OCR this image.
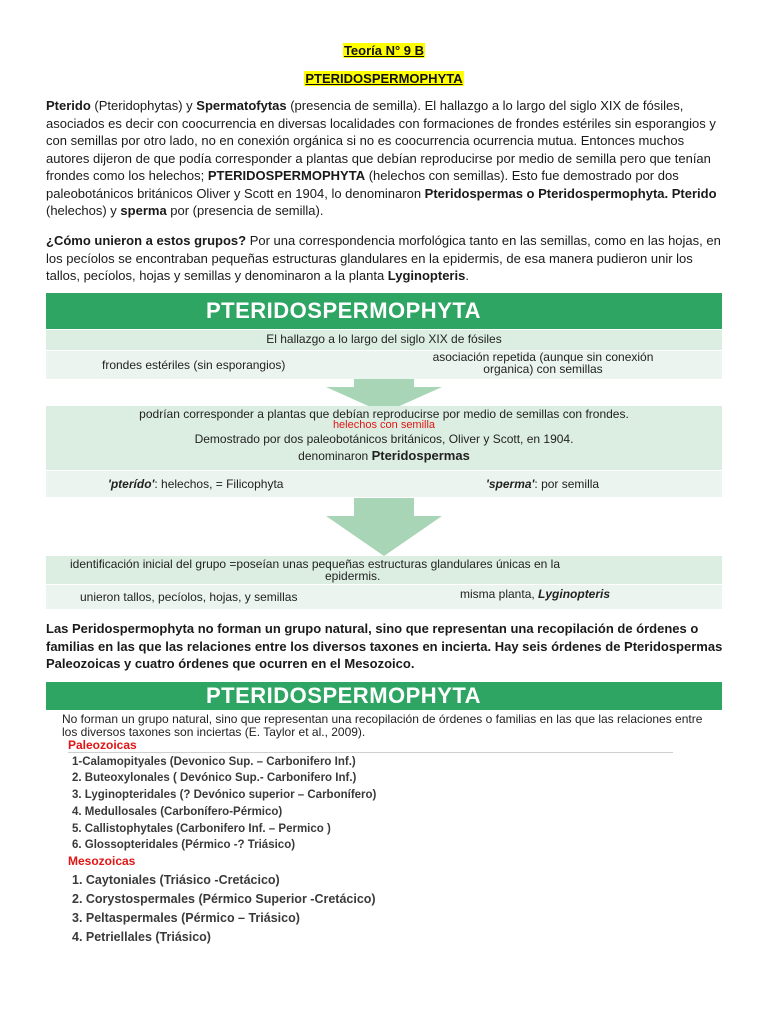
Teoría N° 9 B
PTERIDOSPERMOPHYTA
Pterido (Pteridophytas) y Spermatofytas (presencia de semilla). El hallazgo a lo largo del siglo XIX de fósiles, asociados es decir con coocurrencia en diversas localidades con formaciones de frondes estériles sin esporangios y con semillas por otro lado, no en conexión orgánica si no es coocurrencia ocurrencia mutua. Entonces muchos autores dijeron de que podía corresponder a plantas que debían reproducirse por medio de semilla pero que tenían frondes como los helechos; PTERIDOSPERMOPHYTA (helechos con semillas). Esto fue demostrado por dos paleobotánicos británicos Oliver y Scott en 1904, lo denominaron Pteridospermas o Pteridospermophyta. Pterido (helechos) y sperma por (presencia de semilla).
¿Cómo unieron a estos grupos? Por una correspondencia morfológica tanto en las semillas, como en las hojas, en los pecíolos se encontraban pequeñas estructuras glandulares en la epidermis, de esa manera pudieron unir los tallos, pecíolos, hojas y semillas y denominaron a la planta Lyginopteris.
PTERIDOSPERMOPHYTA
El hallazgo a lo largo del siglo XIX de fósiles
frondes estériles (sin esporangios)
asociación repetida (aunque sin conexión
organica) con semillas
podrían corresponder a plantas que debían reproducirse por medio de semillas con frondes.
helechos con semilla
Demostrado por dos paleobotánicos británicos, Oliver y Scott, en 1904.
denominaron Pteridospermas
'pterído': helechos, = Filicophyta	'sperma': por semilla
identificación inicial del grupo =poseían unas pequeñas estructuras glandulares únicas en la
epidermis.
unieron tallos, pecíolos, hojas, y semillas	misma planta, Lyginopteris
Las Peridospermophyta no forman un grupo natural, sino que representan una recopilación de órdenes o familias en las que las relaciones entre los diversos taxones en incierta. Hay seis órdenes de Pteridospermas Paleozoicas y cuatro órdenes que ocurren en el Mesozoico.
PTERIDOSPERMOPHYTA
No forman un grupo natural, sino que representan una recopilación de órdenes o familias en las que las relaciones entre los diversos taxones son inciertas (E. Taylor et al., 2009).
Paleozoicas
1-Calamopityales (Devonico Sup. – Carbonifero Inf.)
2. Buteoxylonales ( Devónico Sup.- Carbonifero Inf.)
3. Lyginopteridales (? Devónico superior – Carbonífero)
4. Medullosales (Carbonífero-Pérmico)
5. Callistophytales (Carbonifero Inf. – Permico )
6. Glossopteridales (Pérmico -? Triásico)
Mesozoicas
1. Caytoniales (Triásico -Cretácico)
2. Corystospermales (Pérmico Superior -Cretácico)
3. Peltaspermales (Pérmico – Triásico)
4. Petriellales (Triásico)
